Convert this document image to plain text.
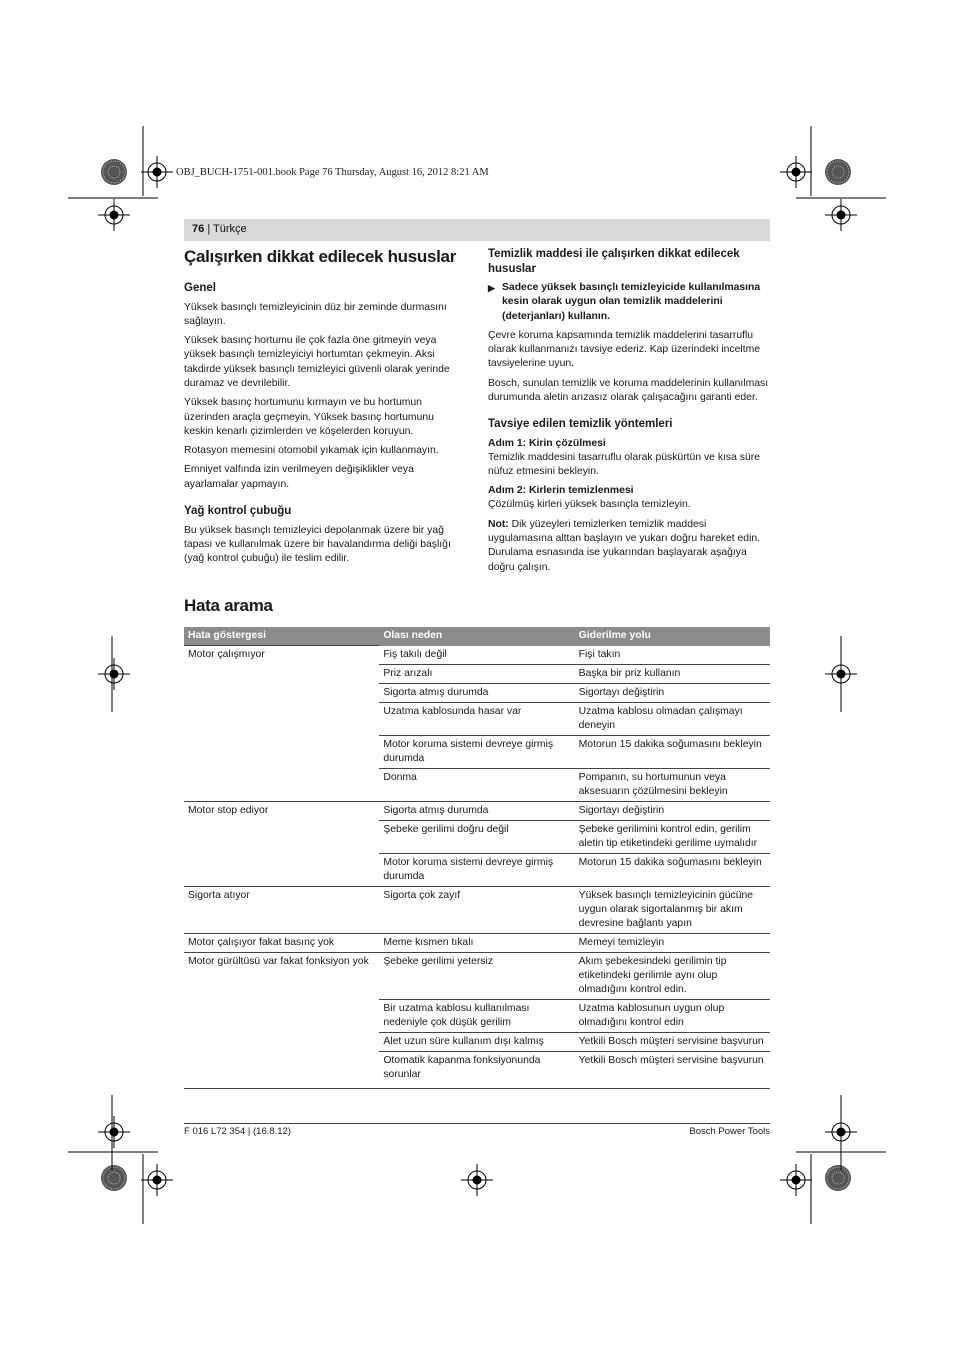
OBJ_BUCH-1751-001.book Page 76 Thursday, August 16, 2012 8:21 AM
76 | Türkçe
Çalışırken dikkat edilecek hususlar
Genel

Yüksek basınçlı temizleyicinin düz bir zeminde durmasını sağlayın.

Yüksek basınç hortumu ile çok fazla öne gitmeyin veya yüksek basınçlı temizleyiciyi hortumtan çekmeyin. Aksi takdirde yüksek basınçlı temizleyici güvenli olarak yerinde duramaz ve devrilebilir.

Yüksek basınç hortumunu kırmayın ve bu hortumun üzerinden araçla geçmeyin. Yüksek basınç hortumunu keskin kenarlı çizimlerden ve köşelerden koruyun.

Rotasyon memesini otomobil yıkamak için kullanmayın.

Emniyet valfında izin verilmeyen değişiklikler veya ayarlamalar yapmayın.

Yağ kontrol çubuğu

Bu yüksek basınçlı temizleyici depolanmak üzere bir yağ tapası ve kullanılmak üzere bir havalandırma deliği başlığı (yağ kontrol çubuğu) ile teslim edilir.

Temizlik maddesi ile çalışırken dikkat edilecek hususlar
▶ Sadece yüksek basınçlı temizleyicide kullanılmasına kesin olarak uygun olan temizlik maddelerini (deterjanları) kullanın.

Çevre koruma kapsamında temizlik maddelerini tasarruflu olarak kullanmanızı tavsiye ederiz. Kap üzerindeki inceltme tavsiyelerine uyun.

Bosch, sunulan temizlik ve koruma maddelerinin kullanılması durumunda aletin arızasız olarak çalışacağını garanti eder.

Tavsiye edilen temizlik yöntemleri
Adım 1: Kirin çözülmesi

Temizlik maddesini tasarruflu olarak püskürtün ve kısa süre nüfuz etmesini bekleyin.

Adım 2: Kirlerin temizlenmesi

Çözülmüş kirleri yüksek basınçla temizleyin.

Not: Dik yüzeyleri temizlerken temizlik maddesi uygulamasına alttan başlayın ve yukarı doğru hareket edin. Durulama esnasında ise yukarından başlayarak aşağıya doğru çalışın.

Hata arama
Hata göstergesi	Olası neden	Giderilme yolu
Motor çalışmıyor	Fiş takılı değil	Fişi takın
	Priz arızalı	Başka bir priz kullanın
	Sigorta atmış durumda	Sigortayı değiştirin
	Uzatma kablosunda hasar var	Uzatma kablosu olmadan çalışmayı deneyin
	Motor koruma sistemi devreye girmiş durumda	Motorun 15 dakika soğumasını bekleyin
	Donma	Pompanın, su hortumunun veya aksesuarın çözülmesini bekleyin
Motor stop ediyor	Sigorta atmış durumda	Sigortayı değiştirin
	Şebeke gerilimi doğru değil	Şebeke gerilimini kontrol edin, gerilim aletin tip etiketindeki gerilime uymalıdır
	Motor koruma sistemi devreye girmiş durumda	Motorun 15 dakika soğumasını bekleyin
Sigorta atıyor	Sigorta çok zayıf	Yüksek basınçlı temizleyicinin gücüne uygun olarak sigortalanmış bir akım devresine bağlantı yapın
Motor çalışıyor fakat basınç yok	Meme kısmen tıkalı	Memeyi temizleyin
Motor gürültüsü var fakat fonksiyon yok	Şebeke gerilimi yetersiz	Akım şebekesindeki gerilimin tip etiketindeki gerilimle aynı olup olmadığını kontrol edin.
	Bir uzatma kablosu kullanılması nedeniyle çok düşük gerilim	Uzatma kablosunun uygun olup olmadığını kontrol edin
	Alet uzun süre kullanım dışı kalmış	Yetkili Bosch müşteri servisine başvurun
	Otomatik kapanma fonksiyonunda sorunlar	Yetkili Bosch müşteri servisine başvurun
F 016 L72 354 | (16.8.12)	Bosch Power Tools
